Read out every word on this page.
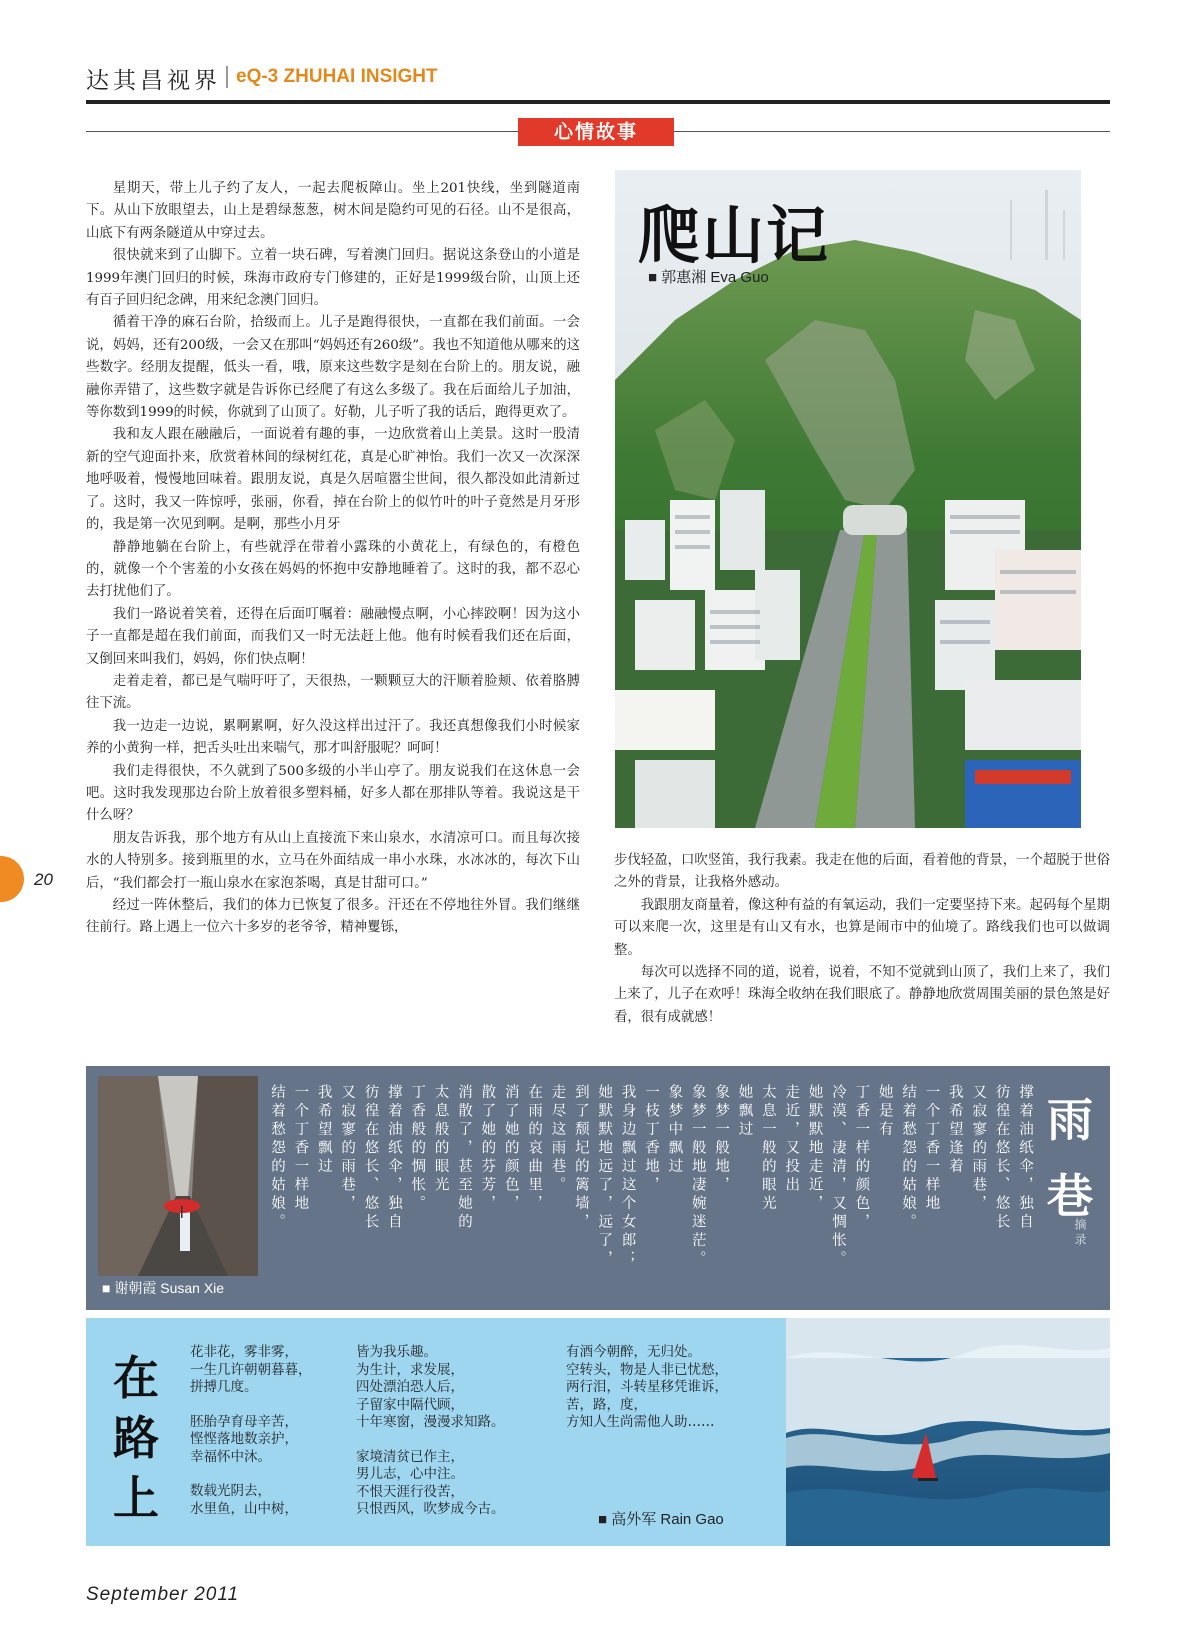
达其昌视界 eQ-3 ZHUHAI INSIGHT
心情故事

星期天，带上儿子约了友人，一起去爬板障山。坐上201快线，坐到隧道南下。从山下放眼望去，山上是碧绿葱葱，树木间是隐约可见的石径。山不是很高，山底下有两条隧道从中穿过去。

很快就来到了山脚下。立着一块石碑，写着澳门回归。据说这条登山的小道是1999年澳门回归的时候，珠海市政府专门修建的，正好是1999级台阶，山顶上还有百子回归纪念碑，用来纪念澳门回归。

循着干净的麻石台阶，拾级而上。儿子是跑得很快，一直都在我们前面。一会说，妈妈，还有200级，一会又在那叫“妈妈还有260级”。我也不知道他从哪来的这些数字。经朋友提醒，低头一看，哦，原来这些数字是刻在台阶上的。朋友说，融融你弄错了，这些数字就是告诉你已经爬了有这么多级了。我在后面给儿子加油，等你数到1999的时候，你就到了山顶了。好勒，儿子听了我的话后，跑得更欢了。

我和友人跟在融融后，一面说着有趣的事，一边欣赏着山上美景。这时一股清新的空气迎面扑来，欣赏着林间的绿树红花，真是心旷神怡。我们一次又一次深深地呼吸着，慢慢地回味着。跟朋友说，真是久居喧嚣尘世间，很久都没如此清新过了。这时，我又一阵惊呼，张丽，你看，掉在台阶上的似竹叶的叶子竟然是月牙形的，我是第一次见到啊。是啊，那些小月牙

静静地躺在台阶上，有些就浮在带着小露珠的小黄花上，有绿色的，有橙色的，就像一个个害羞的小女孩在妈妈的怀抱中安静地睡着了。这时的我，都不忍心去打扰他们了。

我们一路说着笑着，还得在后面叮嘱着：融融慢点啊，小心摔跤啊！因为这小子一直都是超在我们前面，而我们又一时无法赶上他。他有时候看我们还在后面，又倒回来叫我们，妈妈，你们快点啊！

走着走着，都已是气喘吁吁了，天很热，一颗颗豆大的汗顺着脸颊、依着胳膊往下流。

我一边走一边说，累啊累啊，好久没这样出过汗了。我还真想像我们小时候家养的小黄狗一样，把舌头吐出来喘气，那才叫舒服呢？呵呵！

我们走得很快，不久就到了500多级的小半山亭了。朋友说我们在这休息一会吧。这时我发现那边台阶上放着很多塑料桶，好多人都在那排队等着。我说这是干什么呀？

朋友告诉我，那个地方有从山上直接流下来山泉水，水清凉可口。而且每次接水的人特别多。接到瓶里的水，立马在外面结成一串小水珠，水冰冰的，每次下山后，“我们都会打一瓶山泉水在家泡茶喝，真是甘甜可口。”

经过一阵休整后，我们的体力已恢复了很多。汗还在不停地往外冒。我们继继往前行。路上遇上一位六十多岁的老爷爷，精神矍铄，

爬山记
■ 郭惠湘 Eva Guo

步伐轻盈，口吹竖笛，我行我素。我走在他的后面，看着他的背景，一个超脱于世俗之外的背景，让我格外感动。

我跟朋友商量着，像这种有益的有氧运动，我们一定要坚持下来。起码每个星期可以来爬一次，这里是有山又有水，也算是闹市中的仙境了。路线我们也可以做调整。

每次可以选择不同的道，说着，说着，不知不觉就到山顶了，我们上来了，我们上来了，儿子在欢呼！珠海全收纳在我们眼底了。静静地欣赏周围美丽的景色煞是好看，很有成就感！

20
■ 谢朝霞 Susan Xie
雨巷
摘录
撑着油纸伞，独自
彷徨在悠长、悠长
又寂寥的雨巷，
我希望逢着
一个丁香一样地
结着愁怨的姑娘。
她是有
丁香一样的颜色，
冷漠、凄清，又惆怅。
她默默地走近，
走近，又投出
太息一般的眼光
她飘过
象梦一般地，
象梦一般地凄婉迷茫。
象梦中飘过
一枝丁香地，
我身边飘过这个女郎；
她默默地远了，远了，
到了颓圮的篱墙，
走尽这雨巷。
在雨的哀曲里，
消了她的颜色，
散了她的芬芳，
消散了，甚至她的
太息般的眼光
丁香般的惆怅。
撑着油纸伞，独自
彷徨在悠长、悠长
又寂寥的雨巷，
我希望飘过
一个丁香一样地
结着愁怨的姑娘。
在路上
花非花，雾非雾，
一生几许朝朝暮暮，
拼搏几度。
胚胎孕育母辛苦，
悭悭落地数亲护，
幸福怀中沐。
数载光阴去，
水里鱼，山中树，
皆为我乐趣。
为生计，求发展，
四处漂泊恐人后，
子留家中隔代顾，
十年寒窗，漫漫求知路。
家境清贫已作主，
男儿志，心中注。
不恨天涯行役苦，
只恨西风，吹梦成今古。
有酒今朝醉，无归处。
空转头，物是人非已忧愁，
两行泪，斗转星移凭谁诉，
苦，路，度，
方知人生尚需他人助……
■ 高外军 Rain Gao
September 2011
